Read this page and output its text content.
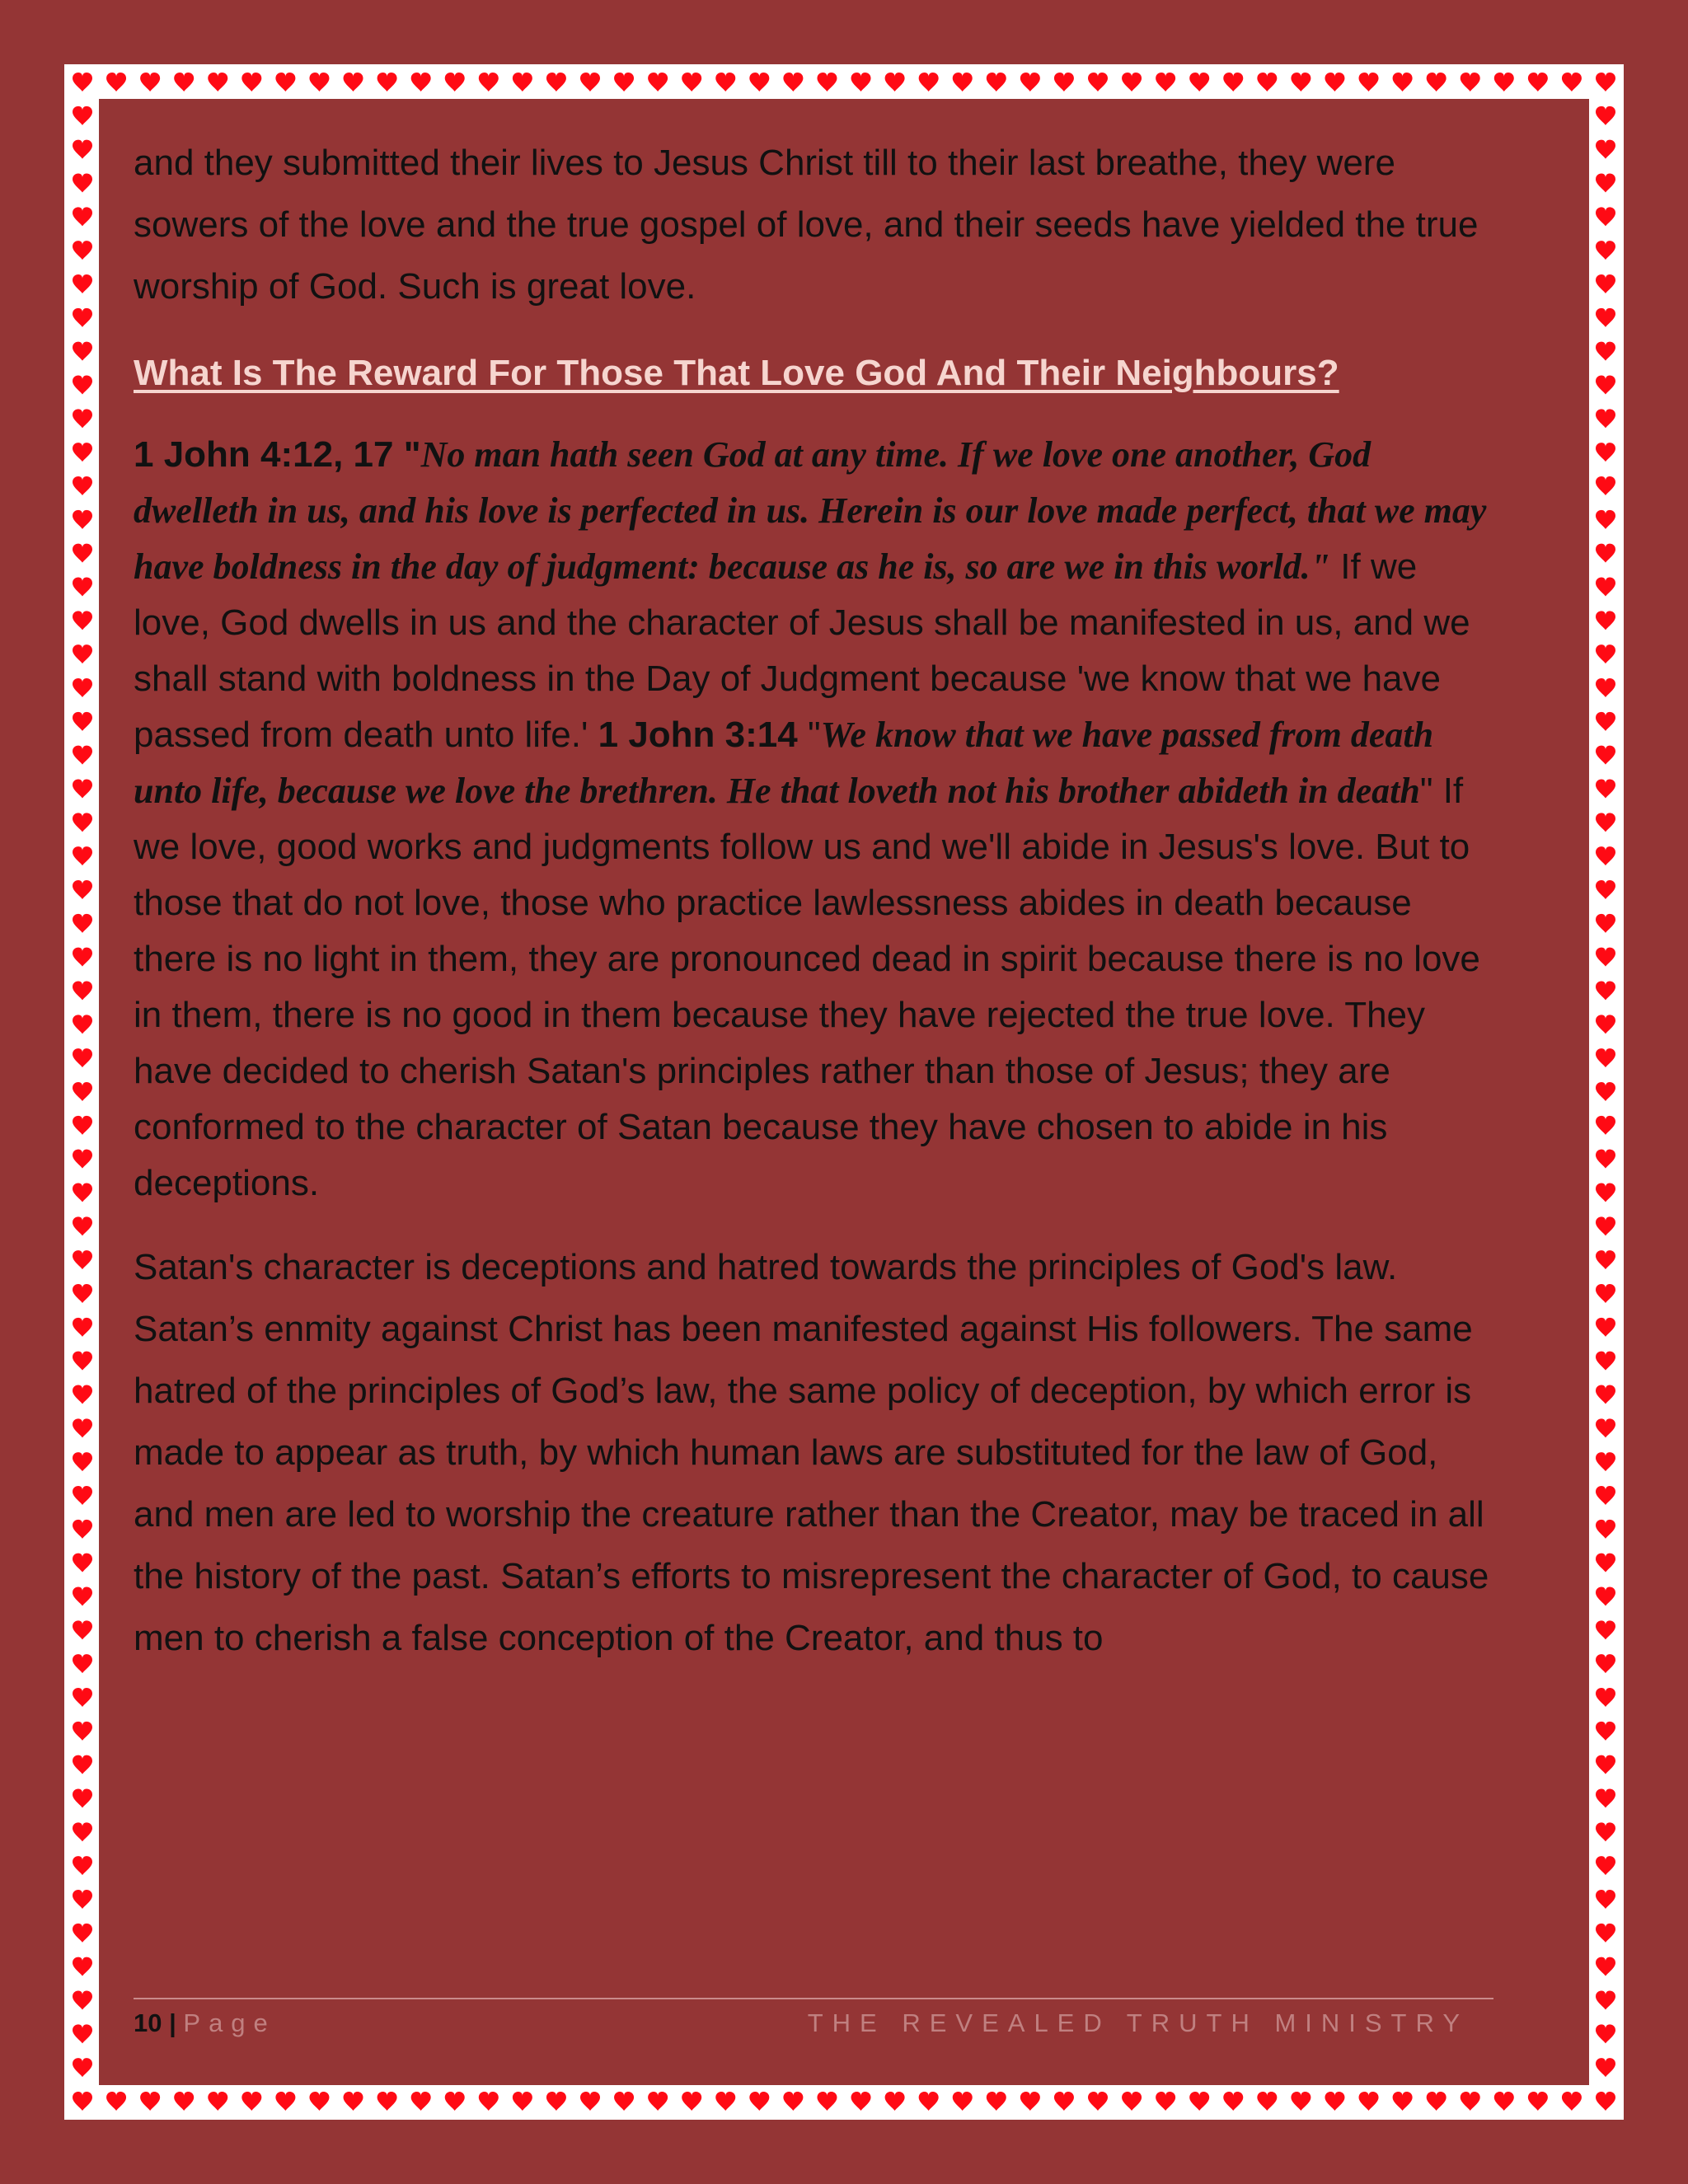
and they submitted their lives to Jesus Christ till to their last breathe, they were sowers of the love and the true gospel of love, and their seeds have yielded the true worship of God. Such is great love.

What Is The Reward For Those That Love God And Their Neighbours?

1 John 4:12, 17 "No man hath seen God at any time. If we love one another, God dwelleth in us, and his love is perfected in us. Herein is our love made perfect, that we may have boldness in the day of judgment: because as he is, so are we in this world." If we love, God dwells in us and the character of Jesus shall be manifested in us, and we shall stand with boldness in the Day of Judgment because 'we know that we have passed from death unto life.' 1 John 3:14 "We know that we have passed from death unto life, because we love the brethren. He that loveth not his brother abideth in death" If we love, good works and judgments follow us and we'll abide in Jesus's love. But to those that do not love, those who practice lawlessness abides in death because there is no light in them, they are pronounced dead in spirit because there is no love in them, there is no good in them because they have rejected the true love. They have decided to cherish Satan's principles rather than those of Jesus; they are conformed to the character of Satan because they have chosen to abide in his deceptions.

Satan's character is deceptions and hatred towards the principles of God's law. Satan’s enmity against Christ has been manifested against His followers. The same hatred of the principles of God’s law, the same policy of deception, by which error is made to appear as truth, by which human laws are substituted for the law of God, and men are led to worship the creature rather than the Creator, may be traced in all the history of the past. Satan’s efforts to misrepresent the character of God, to cause men to cherish a false conception of the Creator, and thus to

10 | Page	THE REVEALED TRUTH MINISTRY
